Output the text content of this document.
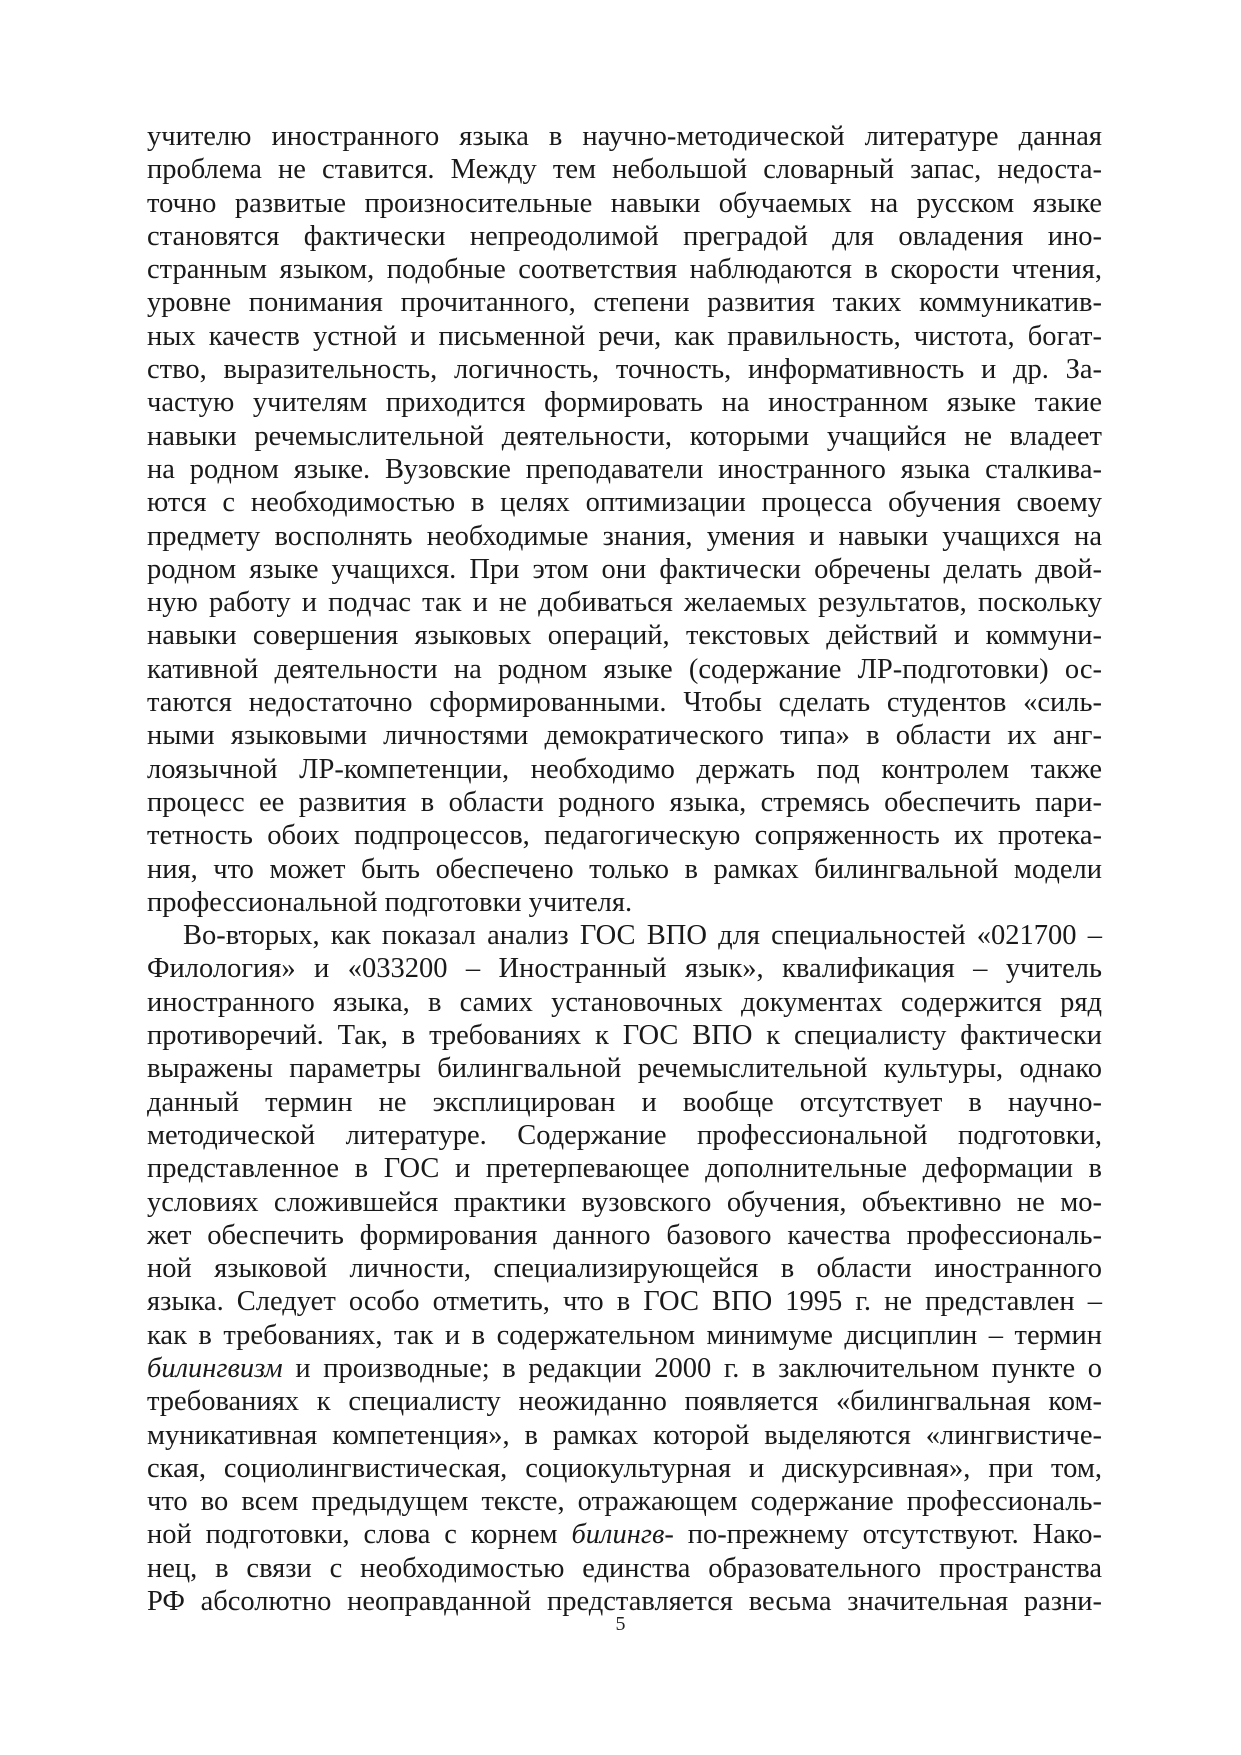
учителю иностранного языка в научно-методической литературе данная
проблема не ставится. Между тем небольшой словарный запас, недоста-
точно развитые произносительные навыки обучаемых на русском языке
становятся фактически непреодолимой преградой для овладения ино-
странным языком, подобные соответствия наблюдаются в скорости чтения,
уровне понимания прочитанного, степени развития таких коммуникатив-
ных качеств устной и письменной речи, как правильность, чистота, богат-
ство, выразительность, логичность, точность, информативность и др. За-
частую учителям приходится формировать на иностранном языке такие
навыки речемыслительной деятельности, которыми учащийся не владеет
на родном языке. Вузовские преподаватели иностранного языка сталкива-
ются с необходимостью в целях оптимизации процесса обучения своему
предмету восполнять необходимые знания, умения и навыки учащихся на
родном языке учащихся. При этом они фактически обречены делать двой-
ную работу и подчас так и не добиваться желаемых результатов, поскольку
навыки совершения языковых операций, текстовых действий и коммуни-
кативной деятельности на родном языке (содержание ЛР-подготовки) ос-
таются недостаточно сформированными. Чтобы сделать студентов «силь-
ными языковыми личностями демократического типа» в области их анг-
лоязычной ЛР-компетенции, необходимо держать под контролем также
процесс ее развития в области родного языка, стремясь обеспечить пари-
тетность обоих подпроцессов, педагогическую сопряженность их протека-
ния, что может быть обеспечено только в рамках билингвальной модели
профессиональной подготовки учителя.
Во-вторых, как показал анализ ГОС ВПО для специальностей «021700 –
Филология» и «033200 – Иностранный язык», квалификация – учитель
иностранного языка, в самих установочных документах содержится ряд
противоречий. Так, в требованиях к ГОС ВПО к специалисту фактически
выражены параметры билингвальной речемыслительной культуры, однако
данный термин не эксплицирован и вообще отсутствует в научно-
методической литературе. Содержание профессиональной подготовки,
представленное в ГОС и претерпевающее дополнительные деформации в
условиях сложившейся практики вузовского обучения, объективно не мо-
жет обеспечить формирования данного базового качества профессиональ-
ной языковой личности, специализирующейся в области иностранного
языка. Следует особо отметить, что в ГОС ВПО 1995 г. не представлен –
как в требованиях, так и в содержательном минимуме дисциплин – термин
билингвизм и производные; в редакции 2000 г. в заключительном пункте о
требованиях к специалисту неожиданно появляется «билингвальная ком-
муникативная компетенция», в рамках которой выделяются «лингвистиче-
ская, социолингвистическая, социокультурная и дискурсивная», при том,
что во всем предыдущем тексте, отражающем содержание профессиональ-
ной подготовки, слова с корнем билингв- по-прежнему отсутствуют. Нако-
нец, в связи с необходимостью единства образовательного пространства
РФ абсолютно неоправданной представляется весьма значительная разни-
5
